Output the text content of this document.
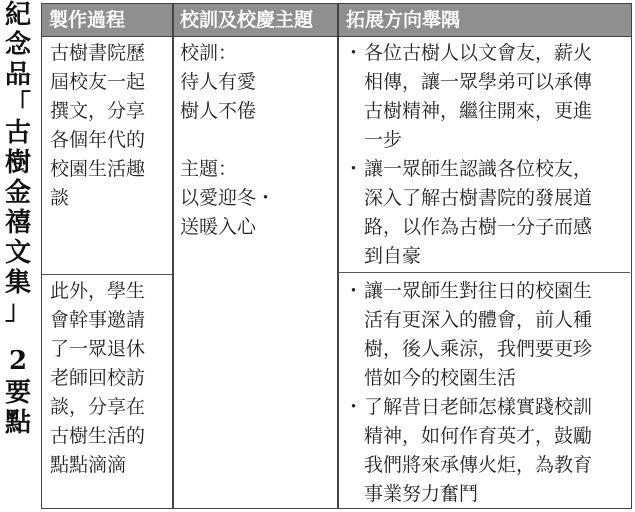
紀
念
品
「
古
樹
金
禧
文
集
」
2
要
點
製作過程	校訓及校慶主題	拓展方向舉隅
古樹書院歷
屆校友一起
撰文，分享
各個年代的
校園生活趣
談
校訓：
待人有愛
樹人不倦
主題：
以愛迎冬・
送暖入心
・ 各位古樹人以文會友，薪火
相傳，讓一眾學弟可以承傳
古樹精神，繼往開來，更進
一步
・ 讓一眾師生認識各位校友，
深入了解古樹書院的發展道
路，以作為古樹一分子而感
到自豪
此外，學生
會幹事邀請
了一眾退休
老師回校訪
談，分享在
古樹生活的
點點滴滴
・ 讓一眾師生對往日的校園生
活有更深入的體會，前人種
樹，後人乘涼，我們要更珍
惜如今的校園生活
・ 了解昔日老師怎樣實踐校訓
精神，如何作育英才，鼓勵
我們將來承傳火炬，為教育
事業努力奮鬥
